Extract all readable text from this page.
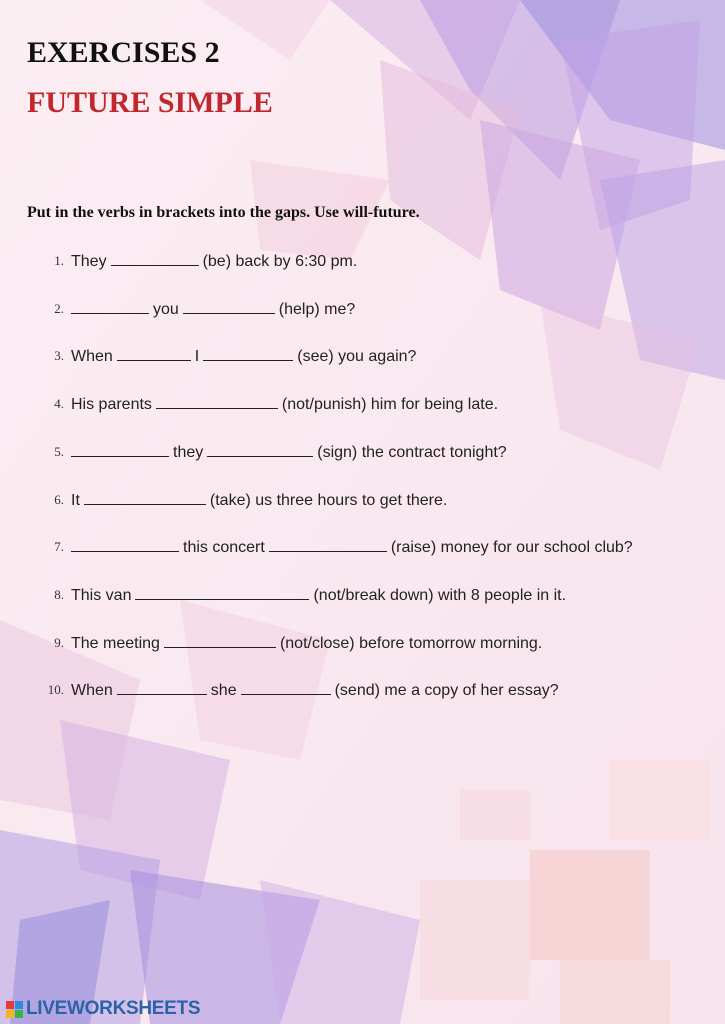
EXERCISES 2
FUTURE SIMPLE

Put in the verbs in brackets into the gaps. Use will-future.

1. They	(be) back by 6:30 pm.
2.	you	(help) me?
3. When	I	(see) you again?
4. His parents	(not/punish) him for being late.
5.	they	(sign) the contract tonight?
6. It	(take) us three hours to get there.
7.	this concert	(raise) money for our school club?
8. This van	(not/break down) with 8 people in it.
9. The meeting	(not/close) before tomorrow morning.
10. When	she	(send) me a copy of her essay?
LIVEWORKSHEETS
